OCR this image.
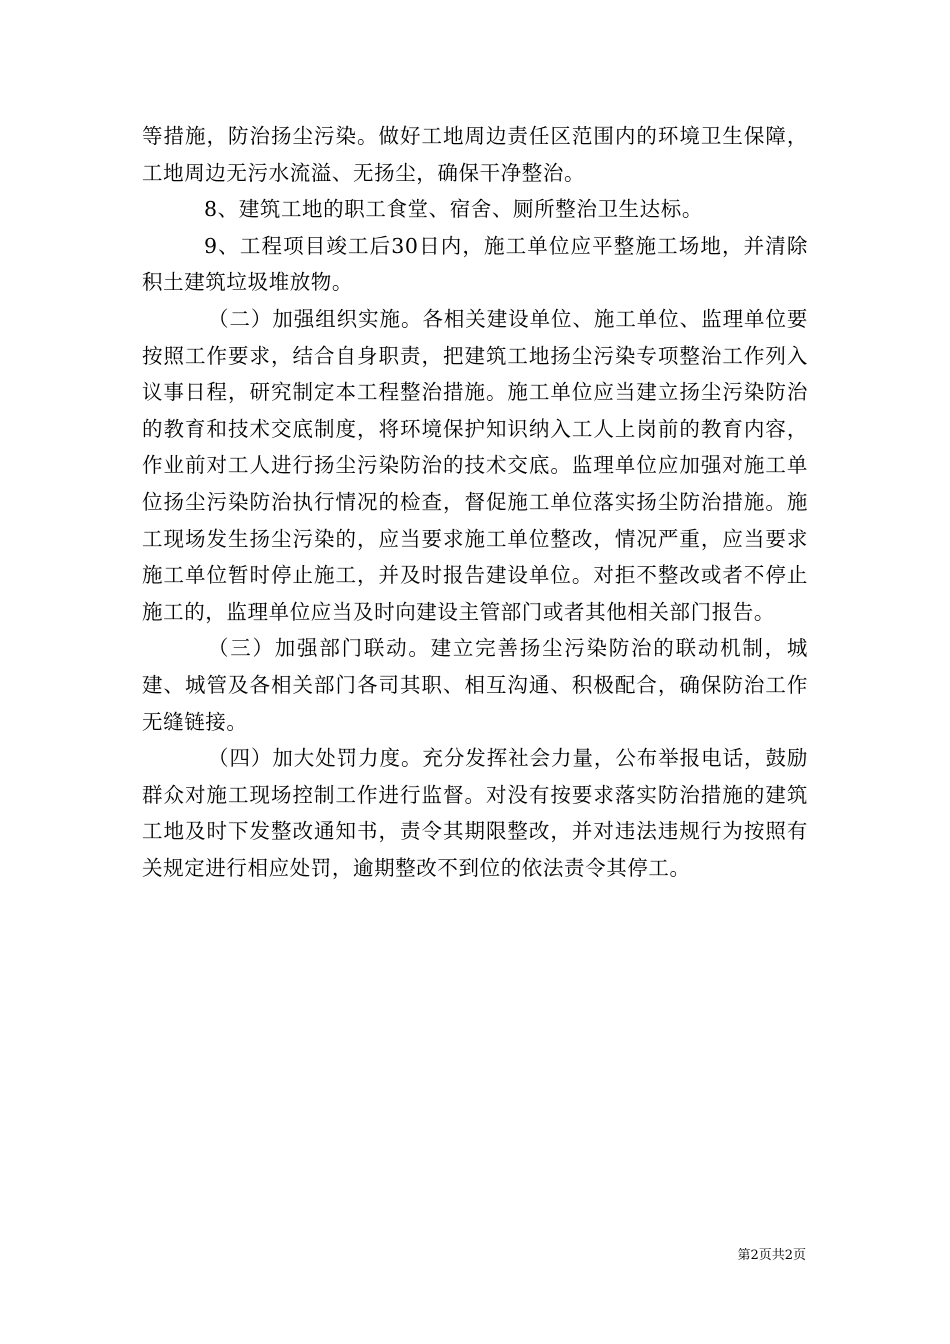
等措施，防治扬尘污染。做好工地周边责任区范围内的环境卫生保障，工地周边无污水流溢、无扬尘，确保干净整治。

8、建筑工地的职工食堂、宿舍、厕所整治卫生达标。

9、工程项目竣工后30日内，施工单位应平整施工场地，并清除积土建筑垃圾堆放物。

（二）加强组织实施。各相关建设单位、施工单位、监理单位要按照工作要求，结合自身职责，把建筑工地扬尘污染专项整治工作列入议事日程，研究制定本工程整治措施。施工单位应当建立扬尘污染防治的教育和技术交底制度，将环境保护知识纳入工人上岗前的教育内容，作业前对工人进行扬尘污染防治的技术交底。监理单位应加强对施工单位扬尘污染防治执行情况的检查，督促施工单位落实扬尘防治措施。施工现场发生扬尘污染的，应当要求施工单位整改，情况严重，应当要求施工单位暂时停止施工，并及时报告建设单位。对拒不整改或者不停止施工的，监理单位应当及时向建设主管部门或者其他相关部门报告。

（三）加强部门联动。建立完善扬尘污染防治的联动机制，城建、城管及各相关部门各司其职、相互沟通、积极配合，确保防治工作无缝链接。

（四）加大处罚力度。充分发挥社会力量，公布举报电话，鼓励群众对施工现场控制工作进行监督。对没有按要求落实防治措施的建筑工地及时下发整改通知书，责令其期限整改，并对违法违规行为按照有关规定进行相应处罚，逾期整改不到位的依法责令其停工。

第2页共2页
